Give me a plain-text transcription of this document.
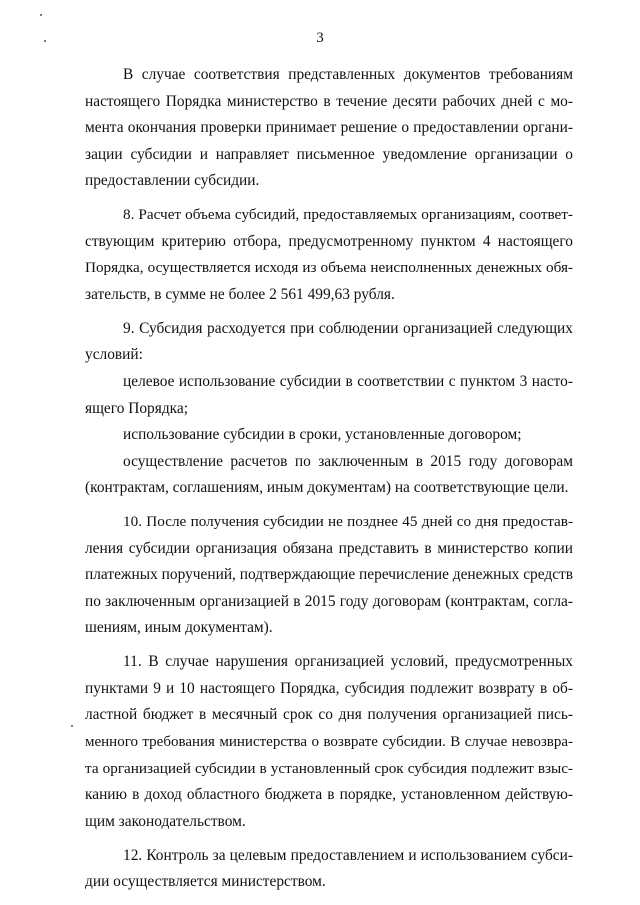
3
В случае соответствия представленных документов требованиям
настоящего Порядка министерство в течение десяти рабочих дней с мо-
мента окончания проверки принимает решение о предоставлении органи-
зации субсидии и направляет письменное уведомление организации о
предоставлении субсидии.
8. Расчет объема субсидий, предоставляемых организациям, соответ-
ствующим критерию отбора, предусмотренному пунктом 4 настоящего
Порядка, осуществляется исходя из объема неисполненных денежных обя-
зательств, в сумме не более 2 561 499,63 рубля.
9. Субсидия расходуется при соблюдении организацией следующих
условий:
целевое использование субсидии в соответствии с пунктом 3 насто-
ящего Порядка;
использование субсидии в сроки, установленные договором;
осуществление расчетов по заключенным в 2015 году договорам
(контрактам, соглашениям, иным документам) на соответствующие цели.
10. После получения субсидии не позднее 45 дней со дня предостав-
ления субсидии организация обязана представить в министерство копии
платежных поручений, подтверждающие перечисление денежных средств
по заключенным организацией в 2015 году договорам (контрактам, согла-
шениям, иным документам).
11. В случае нарушения организацией условий, предусмотренных
пунктами 9 и 10 настоящего Порядка, субсидия подлежит возврату в об-
ластной бюджет в месячный срок со дня получения организацией пись-
менного требования министерства о возврате субсидии. В случае невозвра-
та организацией субсидии в установленный срок субсидия подлежит взыс-
канию в доход областного бюджета в порядке, установленном действую-
щим законодательством.
12. Контроль за целевым предоставлением и использованием субси-
дии осуществляется министерством.
